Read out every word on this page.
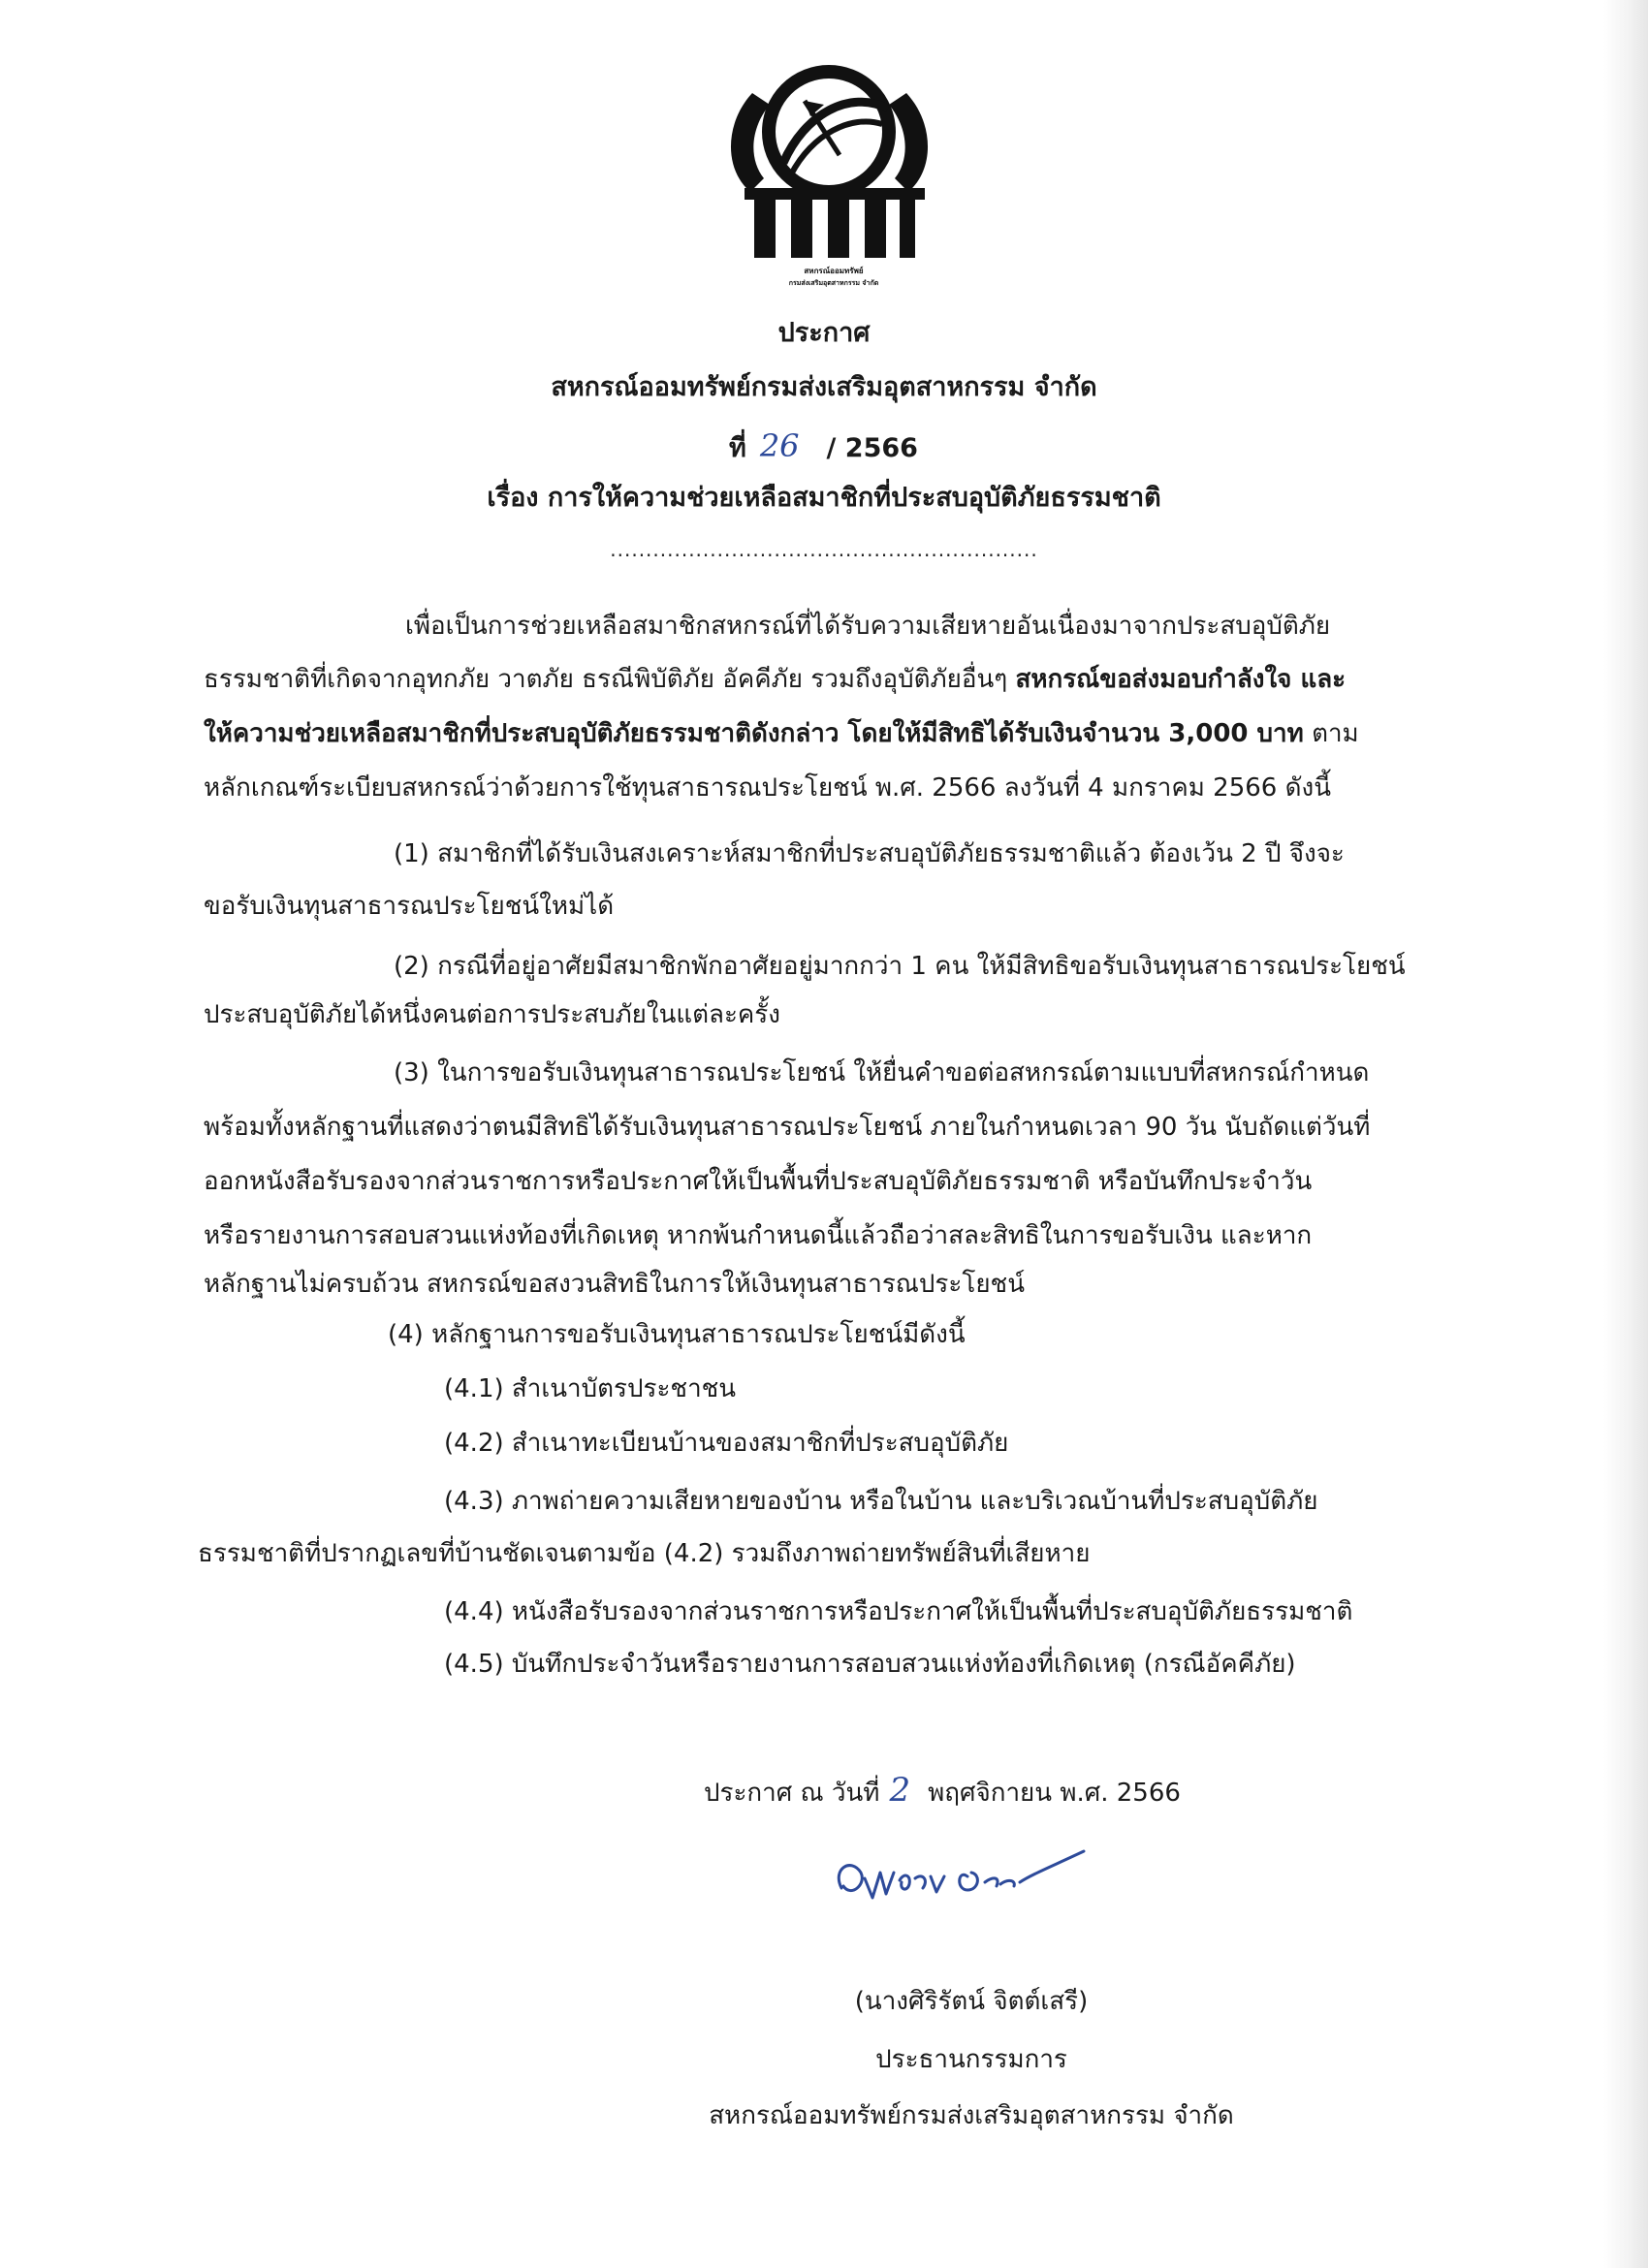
สหกรณ์ออมทรัพย์
กรมส่งเสริมอุตสาหกรรม จำกัด
ประกาศ
สหกรณ์ออมทรัพย์กรมส่งเสริมอุตสาหกรรม จำกัด
ที่ 26 / 2566
เรื่อง การให้ความช่วยเหลือสมาชิกที่ประสบอุบัติภัยธรรมชาติ
............................................................
เพื่อเป็นการช่วยเหลือสมาชิกสหกรณ์ที่ได้รับความเสียหายอันเนื่องมาจากประสบอุบัติภัย
ธรรมชาติที่เกิดจากอุทกภัย วาตภัย ธรณีพิบัติภัย อัคคีภัย รวมถึงอุบัติภัยอื่นๆ สหกรณ์ขอส่งมอบกำลังใจ และ
ให้ความช่วยเหลือสมาชิกที่ประสบอุบัติภัยธรรมชาติดังกล่าว โดยให้มีสิทธิได้รับเงินจำนวน 3,000 บาท ตาม
หลักเกณฑ์ระเบียบสหกรณ์ว่าด้วยการใช้ทุนสาธารณประโยชน์ พ.ศ. 2566 ลงวันที่ 4 มกราคม 2566 ดังนี้
(1) สมาชิกที่ได้รับเงินสงเคราะห์สมาชิกที่ประสบอุบัติภัยธรรมชาติแล้ว ต้องเว้น 2 ปี จึงจะ
ขอรับเงินทุนสาธารณประโยชน์ใหม่ได้
(2) กรณีที่อยู่อาศัยมีสมาชิกพักอาศัยอยู่มากกว่า 1 คน ให้มีสิทธิขอรับเงินทุนสาธารณประโยชน์
ประสบอุบัติภัยได้หนึ่งคนต่อการประสบภัยในแต่ละครั้ง
(3) ในการขอรับเงินทุนสาธารณประโยชน์ ให้ยื่นคำขอต่อสหกรณ์ตามแบบที่สหกรณ์กำหนด
พร้อมทั้งหลักฐานที่แสดงว่าตนมีสิทธิได้รับเงินทุนสาธารณประโยชน์ ภายในกำหนดเวลา 90 วัน นับถัดแต่วันที่
ออกหนังสือรับรองจากส่วนราชการหรือประกาศให้เป็นพื้นที่ประสบอุบัติภัยธรรมชาติ หรือบันทึกประจำวัน
หรือรายงานการสอบสวนแห่งท้องที่เกิดเหตุ หากพ้นกำหนดนี้แล้วถือว่าสละสิทธิในการขอรับเงิน และหาก
หลักฐานไม่ครบถ้วน สหกรณ์ขอสงวนสิทธิในการให้เงินทุนสาธารณประโยชน์
(4) หลักฐานการขอรับเงินทุนสาธารณประโยชน์มีดังนี้
(4.1) สำเนาบัตรประชาชน
(4.2) สำเนาทะเบียนบ้านของสมาชิกที่ประสบอุบัติภัย
(4.3) ภาพถ่ายความเสียหายของบ้าน หรือในบ้าน และบริเวณบ้านที่ประสบอุบัติภัย
ธรรมชาติที่ปรากฏเลขที่บ้านชัดเจนตามข้อ (4.2) รวมถึงภาพถ่ายทรัพย์สินที่เสียหาย
(4.4) หนังสือรับรองจากส่วนราชการหรือประกาศให้เป็นพื้นที่ประสบอุบัติภัยธรรมชาติ
(4.5) บันทึกประจำวันหรือรายงานการสอบสวนแห่งท้องที่เกิดเหตุ (กรณีอัคคีภัย)
ประกาศ ณ วันที่ 2 พฤศจิกายน พ.ศ. 2566
(นางศิริรัตน์ จิตต์เสรี)
ประธานกรรมการ
สหกรณ์ออมทรัพย์กรมส่งเสริมอุตสาหกรรม จำกัด
